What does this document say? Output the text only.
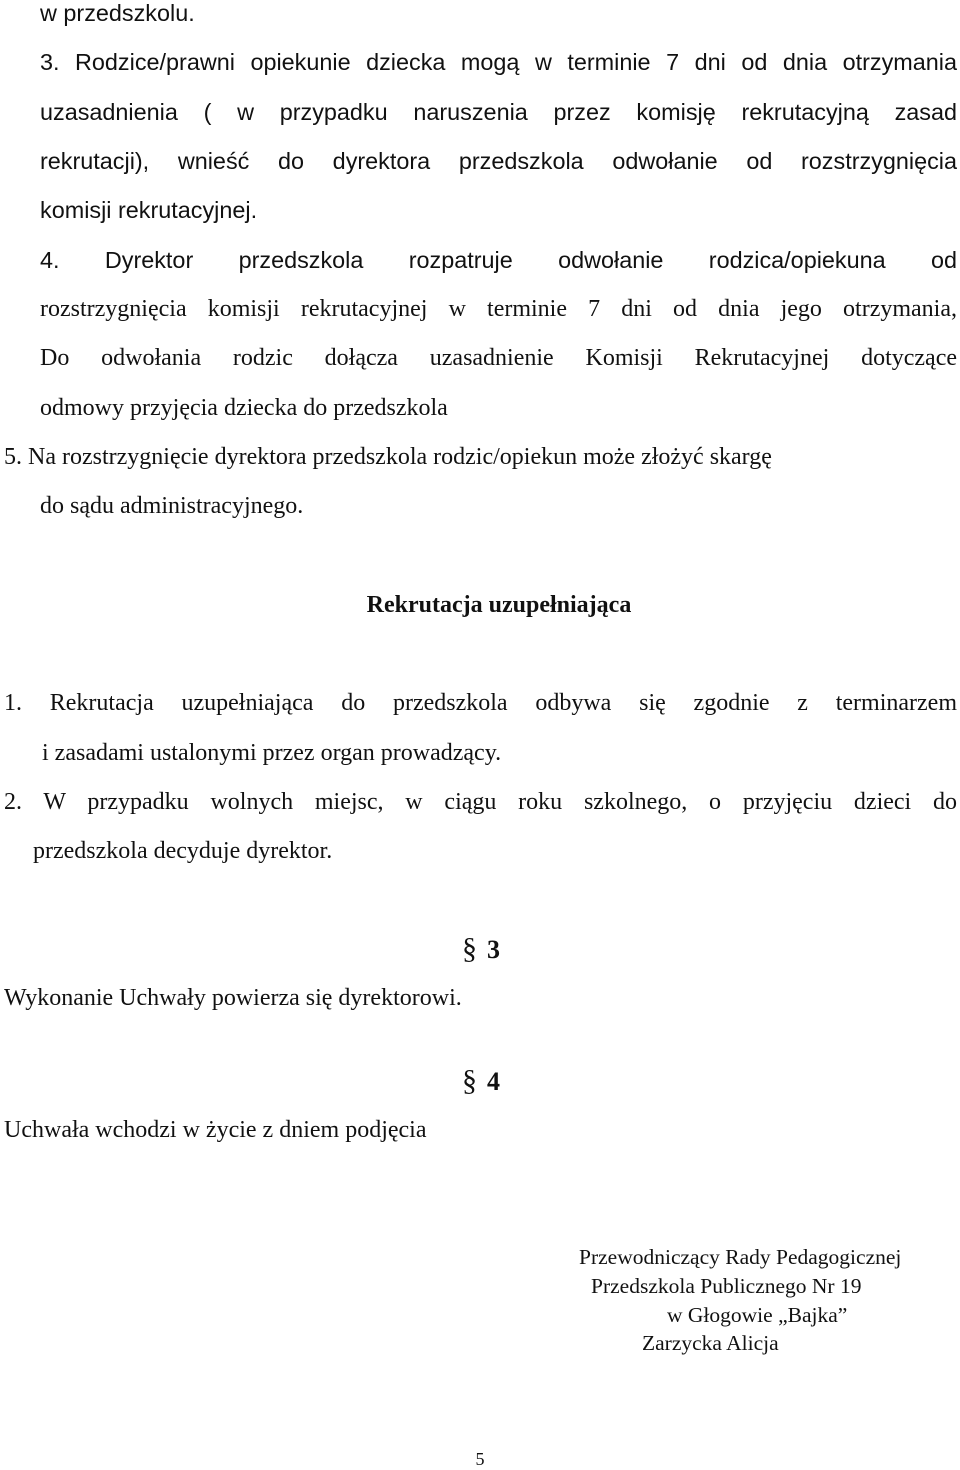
w przedszkolu.
3. Rodzice/prawni opiekunie dziecka mogą w terminie 7 dni od dnia otrzymania
uzasadnienia ( w przypadku naruszenia przez komisję rekrutacyjną zasad
rekrutacji), wnieść do dyrektora przedszkola odwołanie od rozstrzygnięcia
komisji rekrutacyjnej.
4. Dyrektor przedszkola rozpatruje odwołanie rodzica/opiekuna od
rozstrzygnięcia komisji rekrutacyjnej w terminie 7 dni od dnia jego otrzymania,
Do odwołania rodzic dołącza uzasadnienie Komisji Rekrutacyjnej dotyczące
odmowy przyjęcia dziecka do przedszkola
5. Na rozstrzygnięcie dyrektora przedszkola rodzic/opiekun może złożyć skargę
do sądu administracyjnego.
Rekrutacja uzupełniająca
1. Rekrutacja uzupełniająca do przedszkola odbywa się zgodnie z terminarzem
i zasadami ustalonymi przez organ prowadzący.
2. W przypadku wolnych miejsc, w ciągu roku szkolnego, o przyjęciu dzieci do
przedszkola decyduje dyrektor.
§ 3
Wykonanie Uchwały powierza się dyrektorowi.
§ 4
Uchwała wchodzi w życie z dniem podjęcia
Przewodniczący Rady Pedagogicznej
Przedszkola Publicznego Nr 19
w Głogowie „Bajka”
Zarzycka Alicja
5
